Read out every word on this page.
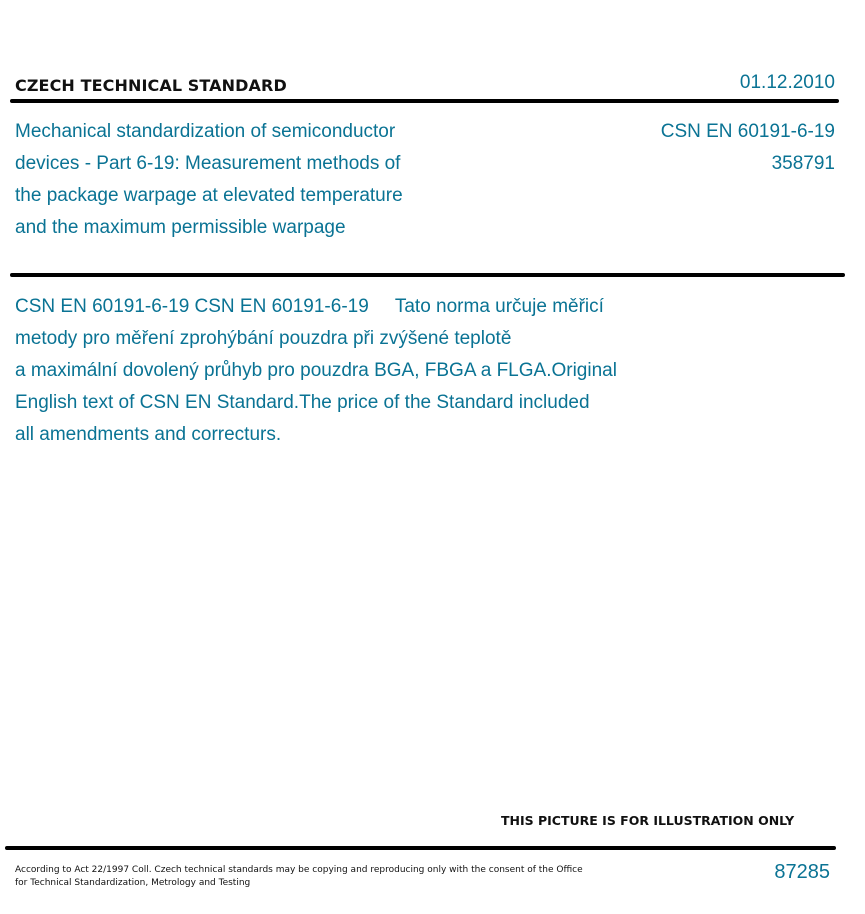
CZECH TECHNICAL STANDARD	01.12.2010
Mechanical standardization of semiconductor
devices - Part 6-19: Measurement methods of
the package warpage at elevated temperature
and the maximum permissible warpage
CSN EN 60191-6-19
358791
CSN EN 60191-6-19 CSN EN 60191-6-19     Tato norma určuje měřicí
metody pro měření zprohýbání pouzdra při zvýšené teplotě
a maximální dovolený průhyb pro pouzdra BGA, FBGA a FLGA.Original
English text of CSN EN Standard.The price of the Standard included
all amendments and correcturs.
THIS PICTURE IS FOR ILLUSTRATION ONLY
According to Act 22/1997 Coll. Czech technical standards may be copying and reproducing only with the consent of the Office
for Technical Standardization, Metrology and Testing	87285
